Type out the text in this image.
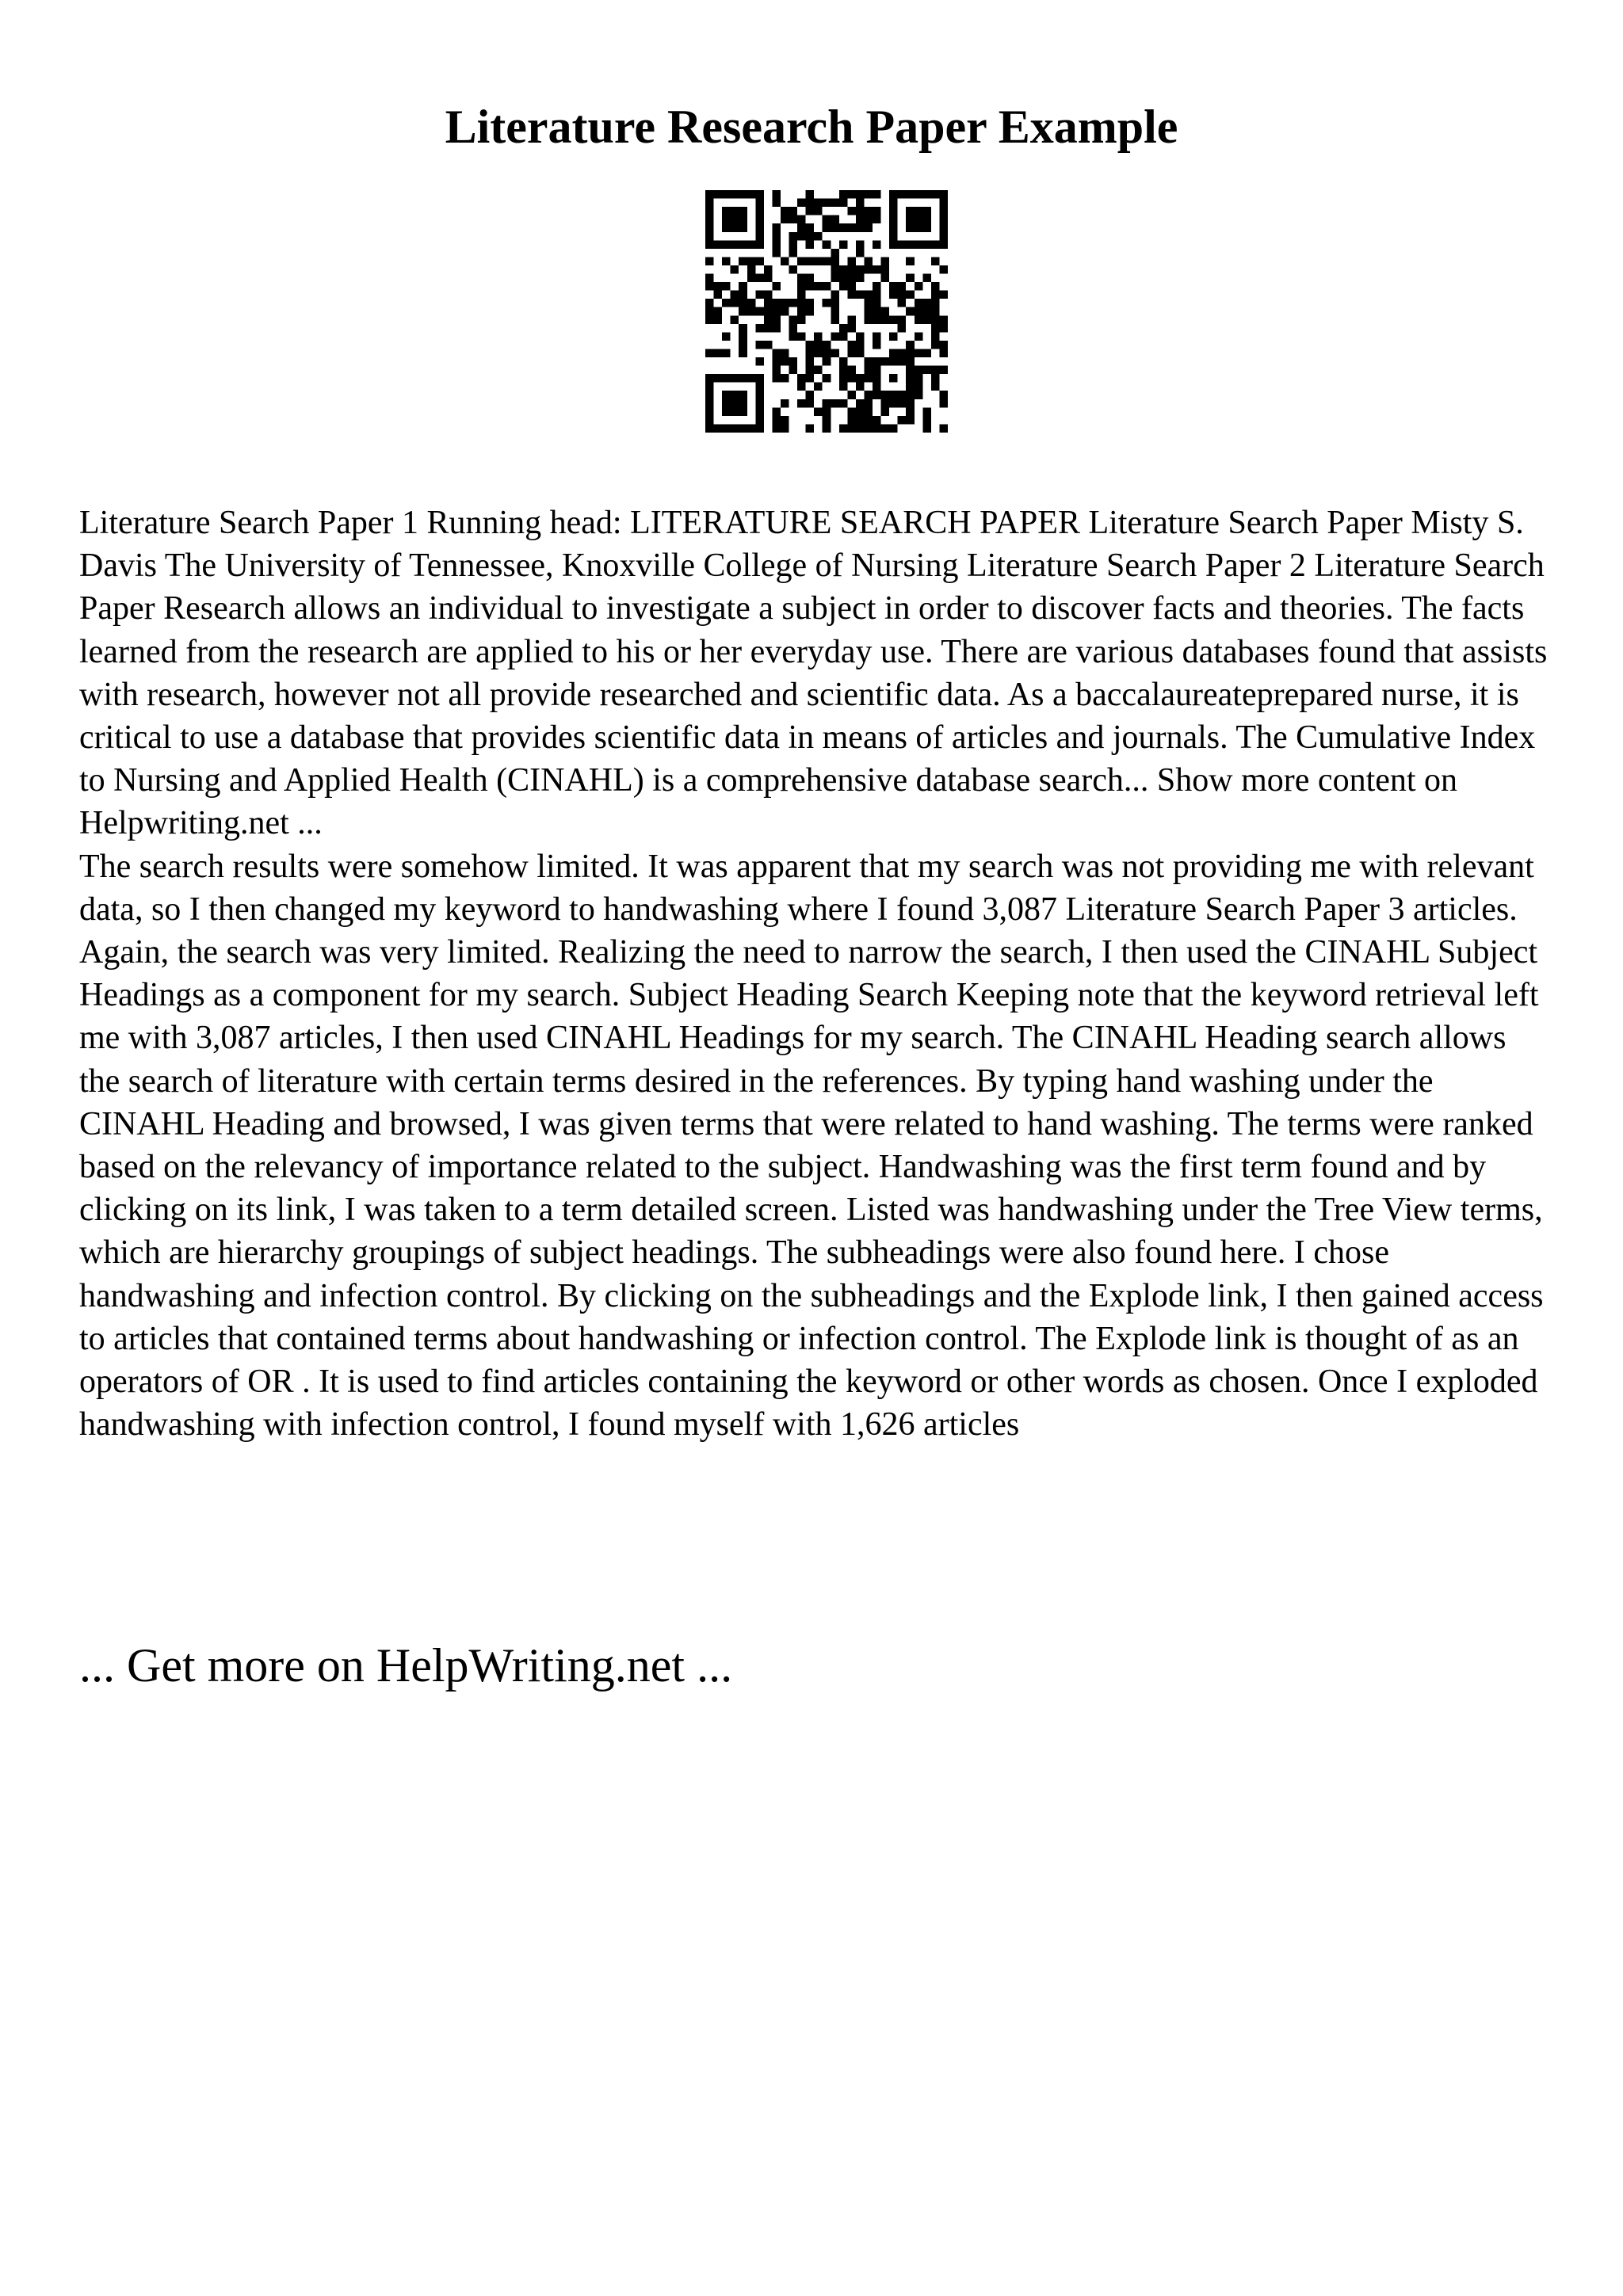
Literature Research Paper Example

Literature Search Paper 1 Running head: LITERATURE SEARCH PAPER Literature Search Paper Misty S. Davis The University of Tennessee, Knoxville College of Nursing Literature Search Paper 2 Literature Search Paper Research allows an individual to investigate a subject in order to discover facts and theories. The facts learned from the research are applied to his or her everyday use. There are various databases found that assists with research, however not all provide researched and scientific data. As a baccalaureateprepared nurse, it is critical to use a database that provides scientific data in means of articles and journals. The Cumulative Index to Nursing and Applied Health (CINAHL) is a comprehensive database search... Show more content on Helpwriting.net ...

The search results were somehow limited. It was apparent that my search was not providing me with relevant data, so I then changed my keyword to handwashing where I found 3,087 Literature Search Paper 3 articles. Again, the search was very limited. Realizing the need to narrow the search, I then used the CINAHL Subject Headings as a component for my search. Subject Heading Search Keeping note that the keyword retrieval left me with 3,087 articles, I then used CINAHL Headings for my search. The CINAHL Heading search allows the search of literature with certain terms desired in the references. By typing hand washing under the CINAHL Heading and browsed, I was given terms that were related to hand washing. The terms were ranked based on the relevancy of importance related to the subject. Handwashing was the first term found and by clicking on its link, I was taken to a term detailed screen. Listed was handwashing under the Tree View terms, which are hierarchy groupings of subject headings. The subheadings were also found here. I chose handwashing and infection control. By clicking on the subheadings and the Explode link, I then gained access to articles that contained terms about handwashing or infection control. The Explode link is thought of as an operators of OR . It is used to find articles containing the keyword or other words as chosen. Once I exploded handwashing with infection control, I found myself with 1,626 articles

... Get more on HelpWriting.net ...
